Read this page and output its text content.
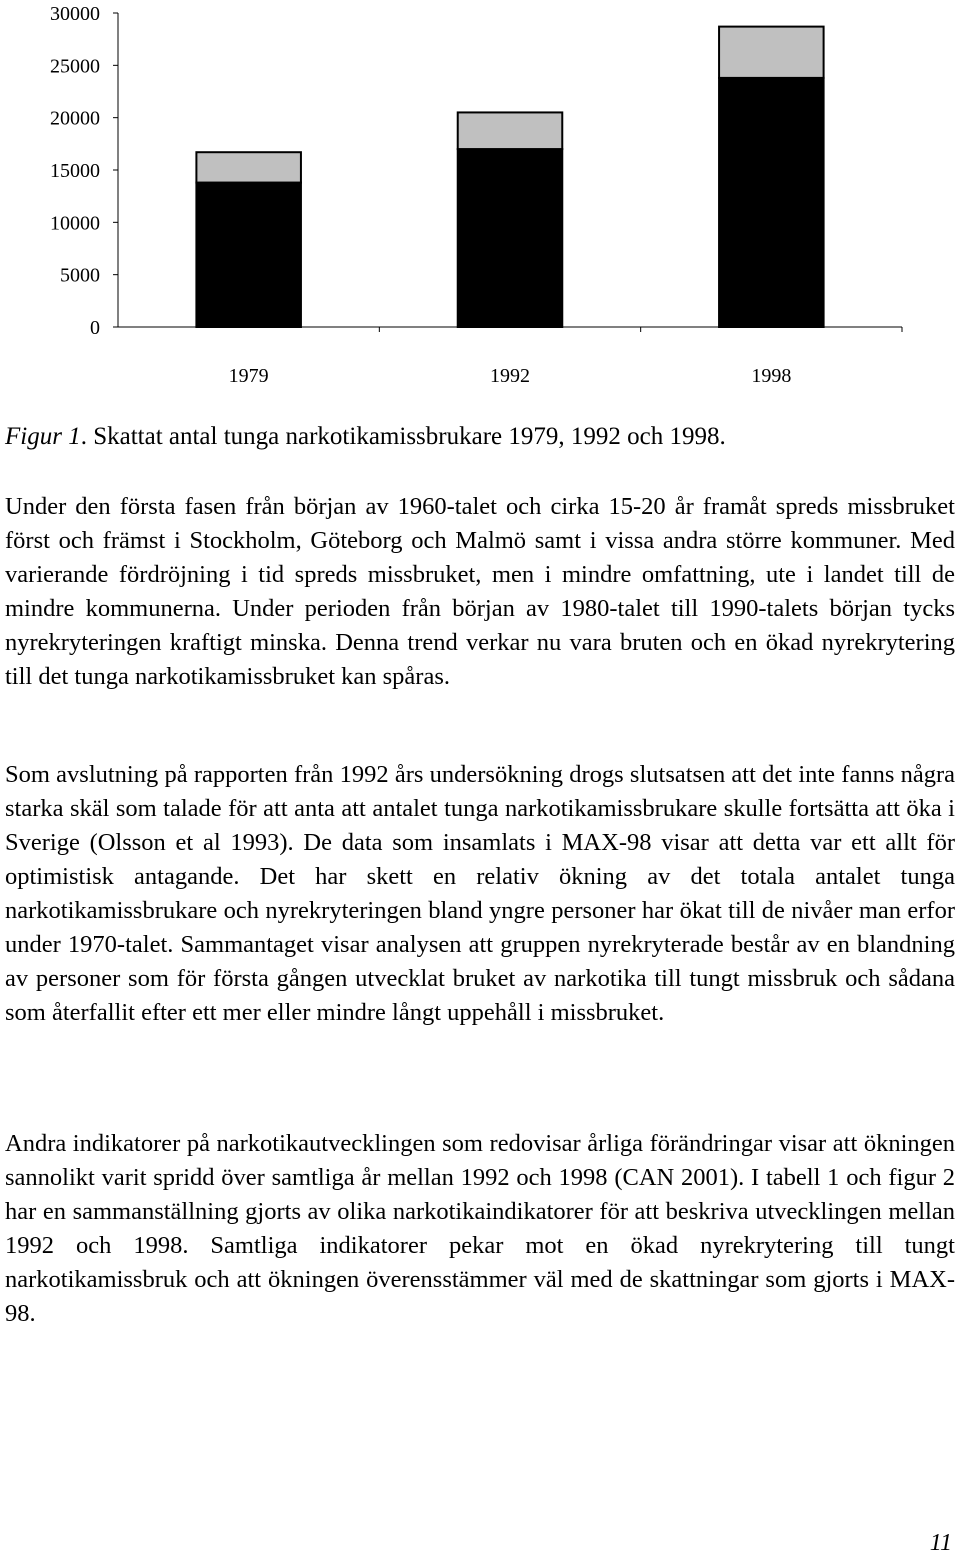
0
5000
10000
15000
20000
25000
30000
1979	1992	1998
Figur 1. Skattat antal tunga narkotikamissbrukare 1979, 1992 och 1998.

Under den första fasen från början av 1960-talet och cirka 15-20 år framåt spreds missbruket först och främst i Stockholm, Göteborg och Malmö samt i vissa andra större kommuner. Med varierande fördröjning i tid spreds missbruket, men i mindre omfattning, ute i landet till de mindre kommunerna. Under perioden från början av 1980-talet till 1990-talets början tycks nyrekryteringen kraftigt minska. Denna trend verkar nu vara bruten och en ökad nyrekrytering till det tunga narkotikamissbruket kan spåras.

Som avslutning på rapporten från 1992 års undersökning drogs slutsatsen att det inte fanns några starka skäl som talade för att anta att antalet tunga narkotikamissbrukare skulle fortsätta att öka i Sverige (Olsson et al 1993). De data som insamlats i MAX-98 visar att detta var ett allt för optimistisk antagande. Det har skett en relativ ökning av det totala antalet tunga narkotikamissbrukare och nyrekryteringen bland yngre personer har ökat till de nivåer man erfor under 1970-talet. Sammantaget visar analysen att gruppen nyrekryterade består av en blandning av personer som för första gången utvecklat bruket av narkotika till tungt missbruk och sådana som återfallit efter ett mer eller mindre långt uppehåll i missbruket.

Andra indikatorer på narkotikautvecklingen som redovisar årliga förändringar visar att ökningen sannolikt varit spridd över samtliga år mellan 1992 och 1998 (CAN 2001). I tabell 1 och figur 2 har en sammanställning gjorts av olika narkotikaindikatorer för att beskriva utvecklingen mellan 1992 och 1998. Samtliga indikatorer pekar mot en ökad nyrekrytering till tungt narkotikamissbruk och att ökningen överensstämmer väl med de skattningar som gjorts i MAX-98.

11
